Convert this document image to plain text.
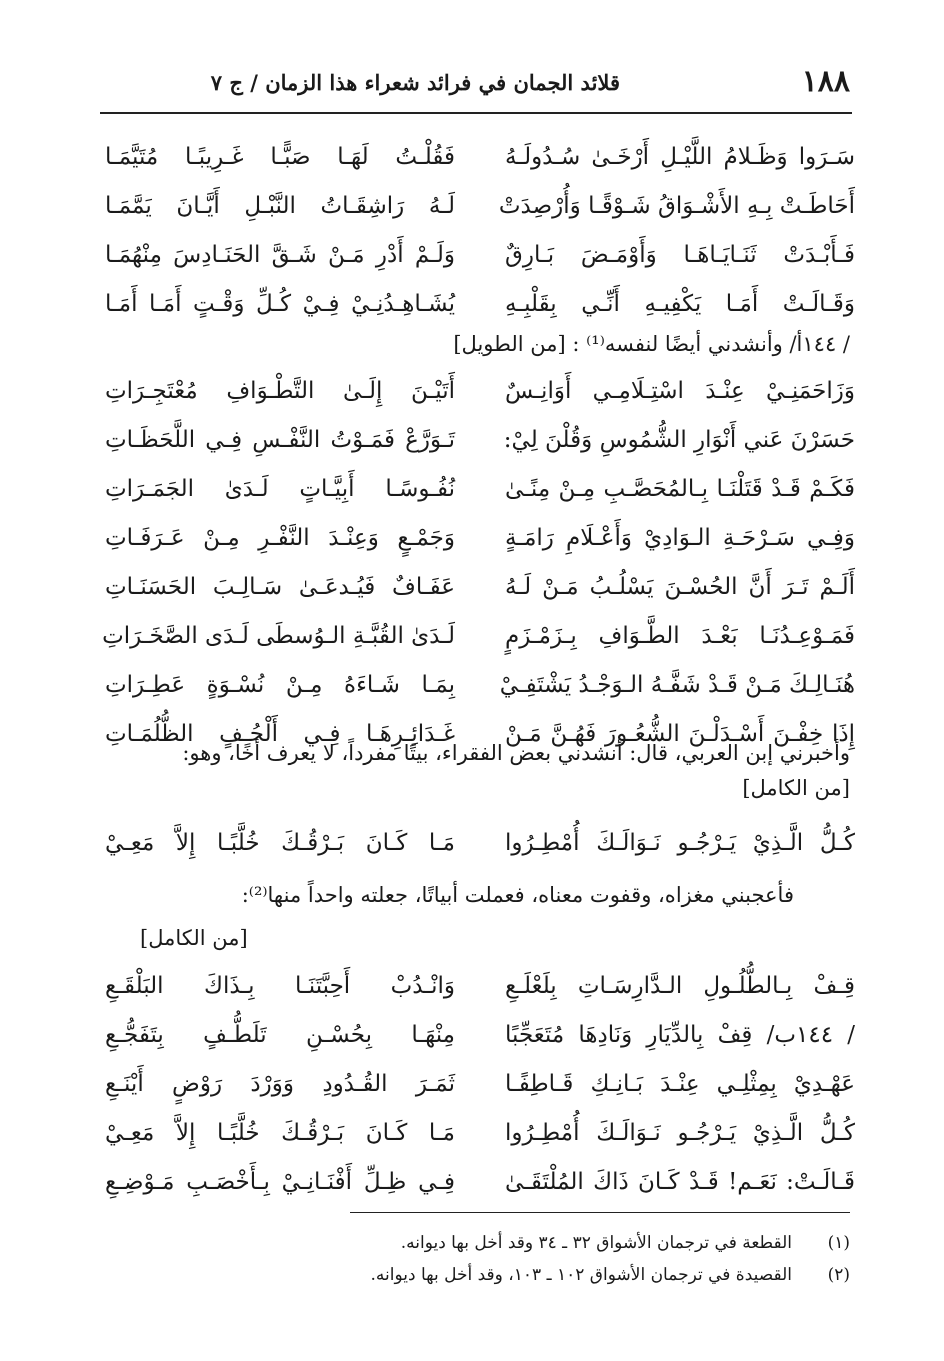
١٨٨
قلائد الجمان في فرائد شعراء هذا الزمان / ج ٧
سَـرَوا وَظَـلامُ اللَّيْـلِ أَرْخَـىٰ سُـدُولَـهُ
فَقُلْـتُ لَهَـا صَبًّـا غَـرِيبًـا مُتَيَّمَـا
أَحَاطَـتْ بِـهِ الأَشْـوَاقُ شَـوْقًـا وَأُرْصِدَتْ
لَـهُ رَاشِقَـاتُ النَّبْـلِ أَيَّـانَ يَمَّمَـا
فَـأَبْـدَتْ ثَنَـايَـاهَـا وَأَوْمَـضَ بَـارِقٌ
وَلَـمْ أَدْرِ مَـنْ شَـقَّ الحَنَـادِسَ مِنْهُمَـا
وَقَـالَـتْ أَمَـا يَكْفِيـهِ أَنِّـي بِقَلْبِـهِ
يُشَـاهِـدُنِـيْ فِـيْ كُـلِّ وَقْـتٍ أَمَـا أَمَـا
/ ١٤٤أ/ وأنشدني أيضًا لنفسه⁽¹⁾ : [من الطويل]
وَزَاحَمَنِـيْ عِنْـدَ اسْتِـلَامِـي أَوَانِـسٌ
أَتَيْـنَ إِلَـىٰ التَّطْـوَافِ مُعْتَجِـرَاتِ
حَسَرْنَ عَني أَنْوَارِ الشُّمُوسِ وَقُلْنَ لِيْ:
تَـوَرَّعْ فَمَـوْتُ النَّفْـسِ فِـي اللَّحَظَـاتِ
فَكَـمْ قَـدْ قَتَلْنَـا بِـالمُحَصَّـبِ مِـنْ مِنًـىٰ
نُفُـوسًـا أَبِيَّـاتٍ لَـدَىٰ الجَمَـرَاتِ
وَفِـي سَـرْحَـةِ الـوَادِيْ وَأَعْـلَامِ رَامَـةٍ
وَجَمْـعٍ وَعِنْـدَ النَّفْـرِ مِـنْ عَـرَفَـاتِ
أَلَـمْ تَـرَ أَنَّ الحُسْـنَ يَسْلُـبُ مَـنْ لَـهُ
عَفَـافٌ فَيُـدعَـىٰ سَـالِـبَ الحَسَنَـاتِ
فَمَـوْعِـدُنَـا بَعْـدَ الطَّـوَافِ بِـزَمْـزَمٍ
لَـدَىٰ القُبَّـةِ الـوُسطَى لَـدَى الصَّخَـرَاتِ
هُنَـالِـكَ مَـنْ قَـدْ شَفَّـهُ الـوَجْـدُ يَشْتَفِـيْ
بِمَـا شَـاءَهُ مِـنْ نُسْـوَةٍ عَطِـرَاتِ
إِذَا خِفْـنَ أَسْـدَلْـنَ الشُّعُـورَ فَهُـنَّ مَـنْ
غَـدَائِـرِهَـا فِـي أَلْحُـفٍ الظُّلُمَـاتِ
وأخبرني إبن العربي، قال: أنشدني بعض الفقراء، بيتًا مفرداً، لا يعرف أخًا، وهو:
[من الكامل]
كُـلُّ الَّـذِيْ يَـرْجُـو نَـوَالَـكَ أُمْطِـرُوا
مَـا كَـانَ بَـرْقُـكَ خُلَّبًـا إِلاَّ مَعِـيْ
فأعجبني مغزاه، وقفوت معناه، فعملت أبياتًا، جعلته واحداً منها⁽²⁾:
[من الكامل]
قِـفْ بِـالطُّلُـولِ الـدَّارِسَـاتِ بِلَعْلَـعِ
وَانْـدُبْ أَحِبَّتَنَـا بِـذَاكَ البَلْقَـعِ
/ ١٤٤ب/ قِفْ بِالدِّيَارِ وَنَادِهَا مُتَعَجِّبًا
مِنْهَـا بِحُسْـنِ تَلَطُّـفٍ بِتَفَجُّـعِ
عَهْـدِيْ بِمِثْلِـي عِنْـدَ بَـانِـكِ قَـاطِفًـا
ثَمَـرَ القُـدُودِ وَوَرْدَ رَوْضٍ أَيْنَـعِ
كُـلُّ الَّـذِيْ يَـرْجُـو نَـوَالَـكَ أُمْطِـرُوا
مَـا كَـانَ بَـرْقُـكَ خُلَّبًـا إِلاَّ مَعِـيْ
قَـالَـتْ: نَعَـم! قَـدْ كَـانَ ذَاكَ المُلْتَقَـىٰ
فِـي ظِـلِّ أَفْنَـانِـيْ بِـأَخْصَـبِ مَـوْضِـعِ
(١)
القطعة في ترجمان الأشواق ٣٢ ـ ٣٤ وقد أخل بها ديوانه.
(٢)
القصيدة في ترجمان الأشواق ١٠٢ ـ ١٠٣، وقد أخل بها ديوانه.
